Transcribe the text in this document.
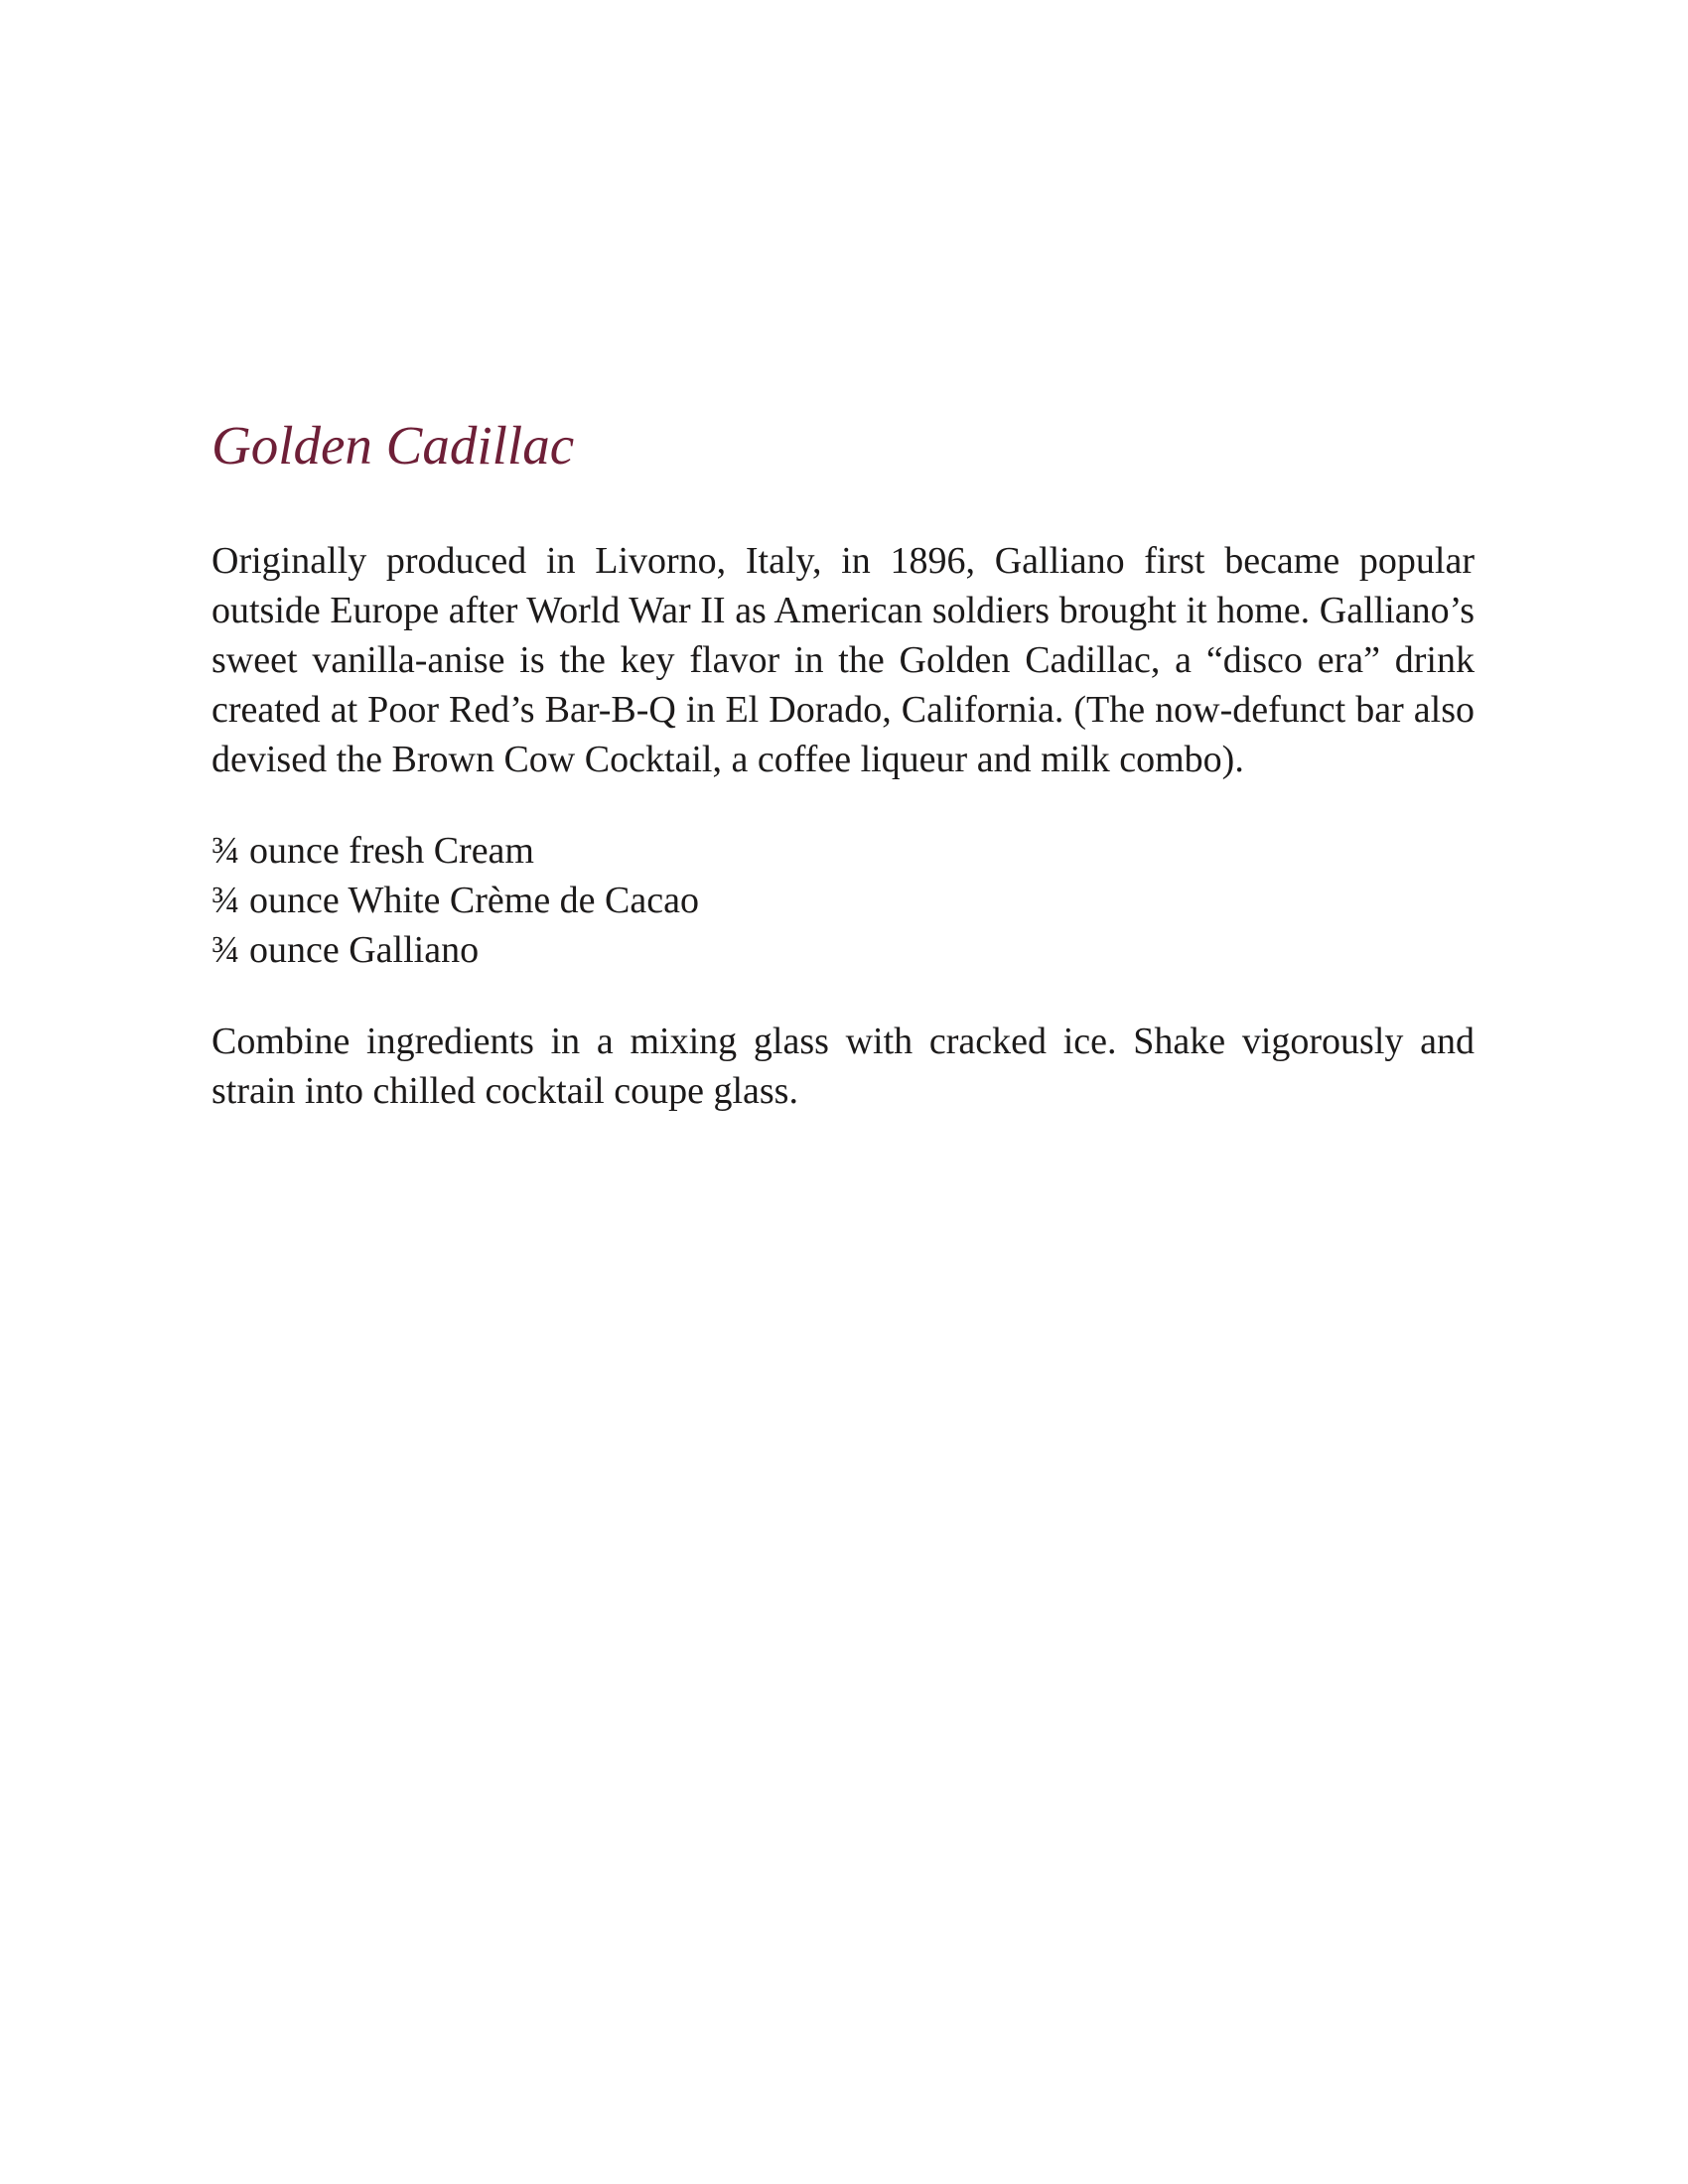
Golden Cadillac

Originally produced in Livorno, Italy, in 1896, Galliano first became popular outside Europe after World War II as American soldiers brought it home. Galliano’s sweet vanilla-anise is the key flavor in the Golden Cadillac, a “disco era” drink created at Poor Red’s Bar-B-Q in El Dorado, California. (The now-defunct bar also devised the Brown Cow Cocktail, a coffee liqueur and milk combo).

¾ ounce fresh Cream
¾ ounce White Crème de Cacao
¾ ounce Galliano

Combine ingredients in a mixing glass with cracked ice. Shake vigorously and strain into chilled cocktail coupe glass.
